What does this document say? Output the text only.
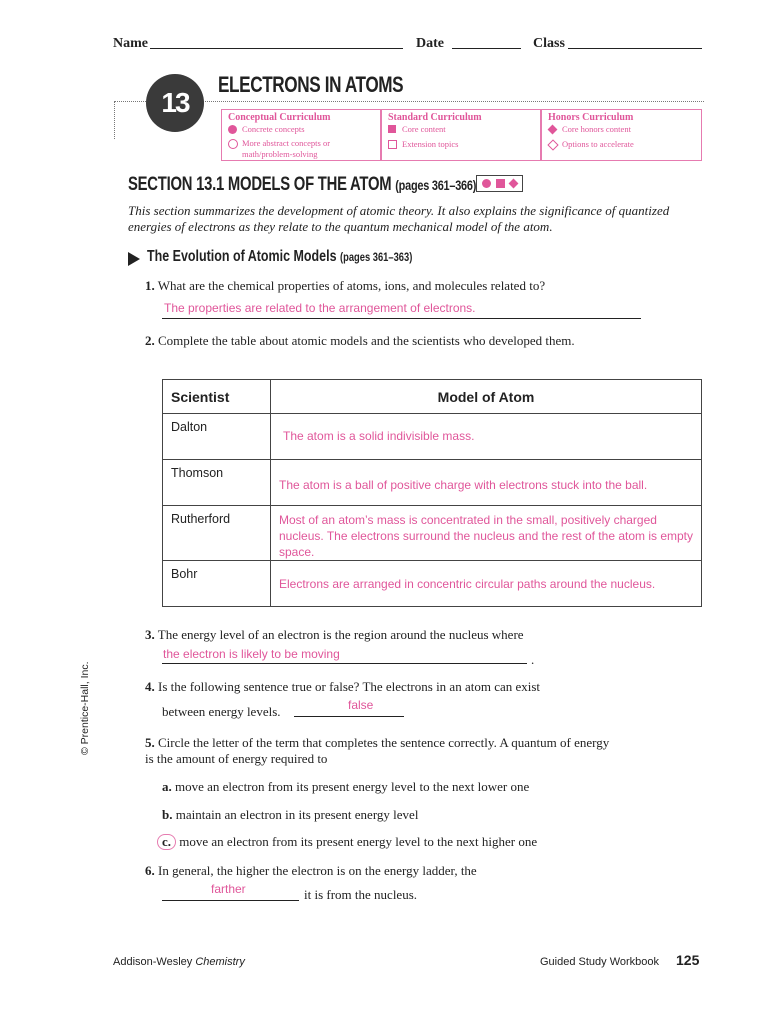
Name	Date	Class
13
ELECTRONS IN ATOMS
Conceptual Curriculum
Concrete concepts
More abstract concepts or math/problem-solving
Standard Curriculum
Core content
Extension topics
Honors Curriculum
Core honors content
Options to accelerate
SECTION 13.1 MODELS OF THE ATOM (pages 361–366)
This section summarizes the development of atomic theory. It also explains the significance of quantized energies of electrons as they relate to the quantum mechanical model of the atom.
The Evolution of Atomic Models (pages 361–363)
1. What are the chemical properties of atoms, ions, and molecules related to?
The properties are related to the arrangement of electrons.
2. Complete the table about atomic models and the scientists who developed them.
Scientist	Model of Atom
Dalton	The atom is a solid indivisible mass.
Thomson	The atom is a ball of positive charge with electrons stuck into the ball.
Rutherford	Most of an atom’s mass is concentrated in the small, positively charged nucleus. The electrons surround the nucleus and the rest of the atom is empty space.
Bohr	Electrons are arranged in concentric circular paths around the nucleus.
3. The energy level of an electron is the region around the nucleus where
the electron is likely to be moving	.
4. Is the following sentence true or false? The electrons in an atom can exist
between energy levels.	false
5. Circle the letter of the term that completes the sentence correctly. A quantum of energy is the amount of energy required to
a. move an electron from its present energy level to the next lower one
b. maintain an electron in its present energy level
c. move an electron from its present energy level to the next higher one
6. In general, the higher the electron is on the energy ladder, the
farther	it is from the nucleus.
© Prentice-Hall, Inc.
Addison-Wesley Chemistry	Guided Study Workbook 125
